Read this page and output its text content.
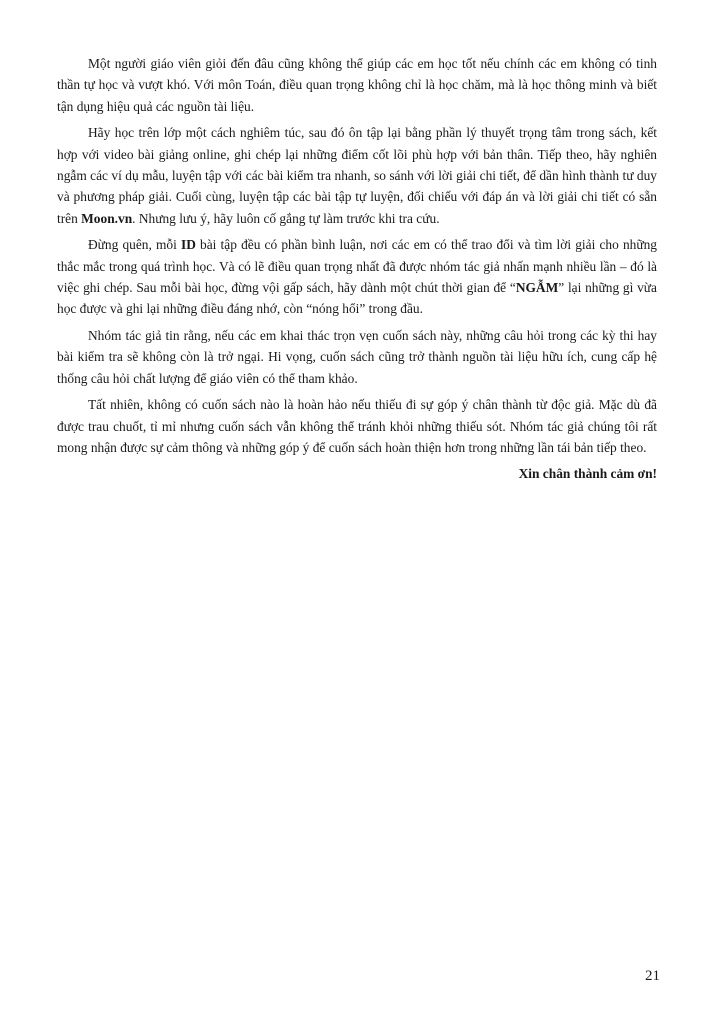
Một người giáo viên giỏi đến đâu cũng không thể giúp các em học tốt nếu chính các em không có tinh thần tự học và vượt khó. Với môn Toán, điều quan trọng không chỉ là học chăm, mà là học thông minh và biết tận dụng hiệu quả các nguồn tài liệu.

Hãy học trên lớp một cách nghiêm túc, sau đó ôn tập lại bằng phần lý thuyết trọng tâm trong sách, kết hợp với video bài giảng online, ghi chép lại những điểm cốt lõi phù hợp với bản thân. Tiếp theo, hãy nghiên ngẫm các ví dụ mẫu, luyện tập với các bài kiểm tra nhanh, so sánh với lời giải chi tiết, để dần hình thành tư duy và phương pháp giải. Cuối cùng, luyện tập các bài tập tự luyện, đối chiếu với đáp án và lời giải chi tiết có sẵn trên Moon.vn. Nhưng lưu ý, hãy luôn cố gắng tự làm trước khi tra cứu.

Đừng quên, mỗi ID bài tập đều có phần bình luận, nơi các em có thể trao đổi và tìm lời giải cho những thắc mắc trong quá trình học. Và có lẽ điều quan trọng nhất đã được nhóm tác giả nhấn mạnh nhiều lần – đó là việc ghi chép. Sau mỗi bài học, đừng vội gấp sách, hãy dành một chút thời gian để “NGẪM” lại những gì vừa học được và ghi lại những điều đáng nhớ, còn “nóng hổi” trong đầu.

Nhóm tác giả tin rằng, nếu các em khai thác trọn vẹn cuốn sách này, những câu hỏi trong các kỳ thi hay bài kiểm tra sẽ không còn là trở ngại. Hi vọng, cuốn sách cũng trở thành nguồn tài liệu hữu ích, cung cấp hệ thống câu hỏi chất lượng để giáo viên có thể tham khảo.

Tất nhiên, không có cuốn sách nào là hoàn hảo nếu thiếu đi sự góp ý chân thành từ độc giả. Mặc dù đã được trau chuốt, tỉ mỉ nhưng cuốn sách vẫn không thể tránh khỏi những thiếu sót. Nhóm tác giả chúng tôi rất mong nhận được sự cảm thông và những góp ý để cuốn sách hoàn thiện hơn trong những lần tái bản tiếp theo.

Xin chân thành cảm ơn!

21
